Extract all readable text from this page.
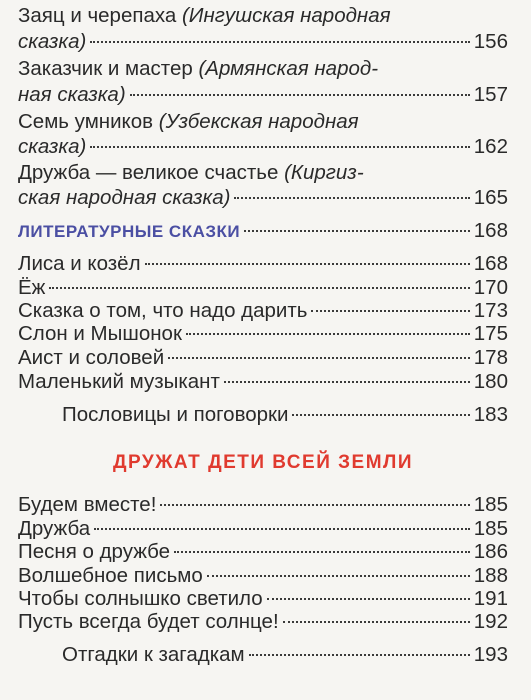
Заяц и черепаха (Ингушская народная
сказка)	156
Заказчик и мастер (Армянская народ-
ная сказка)	157
Семь умников (Узбекская народная
сказка)	162
Дружба — великое счастье (Киргиз-
ская народная сказка)	165
ЛИТЕРАТУРНЫЕ СКАЗКИ	168
Лиса и козёл	168
Ёж	170
Сказка о том, что надо дарить	173
Слон и Мышонок	175
Аист и соловей	178
Маленький музыкант	180
Пословицы и поговорки	183
ДРУЖАТ ДЕТИ ВСЕЙ ЗЕМЛИ
Будем вместе!	185
Дружба	185
Песня о дружбе	186
Волшебное письмо	188
Чтобы солнышко светило	191
Пусть всегда будет солнце!	192
Отгадки к загадкам	193
